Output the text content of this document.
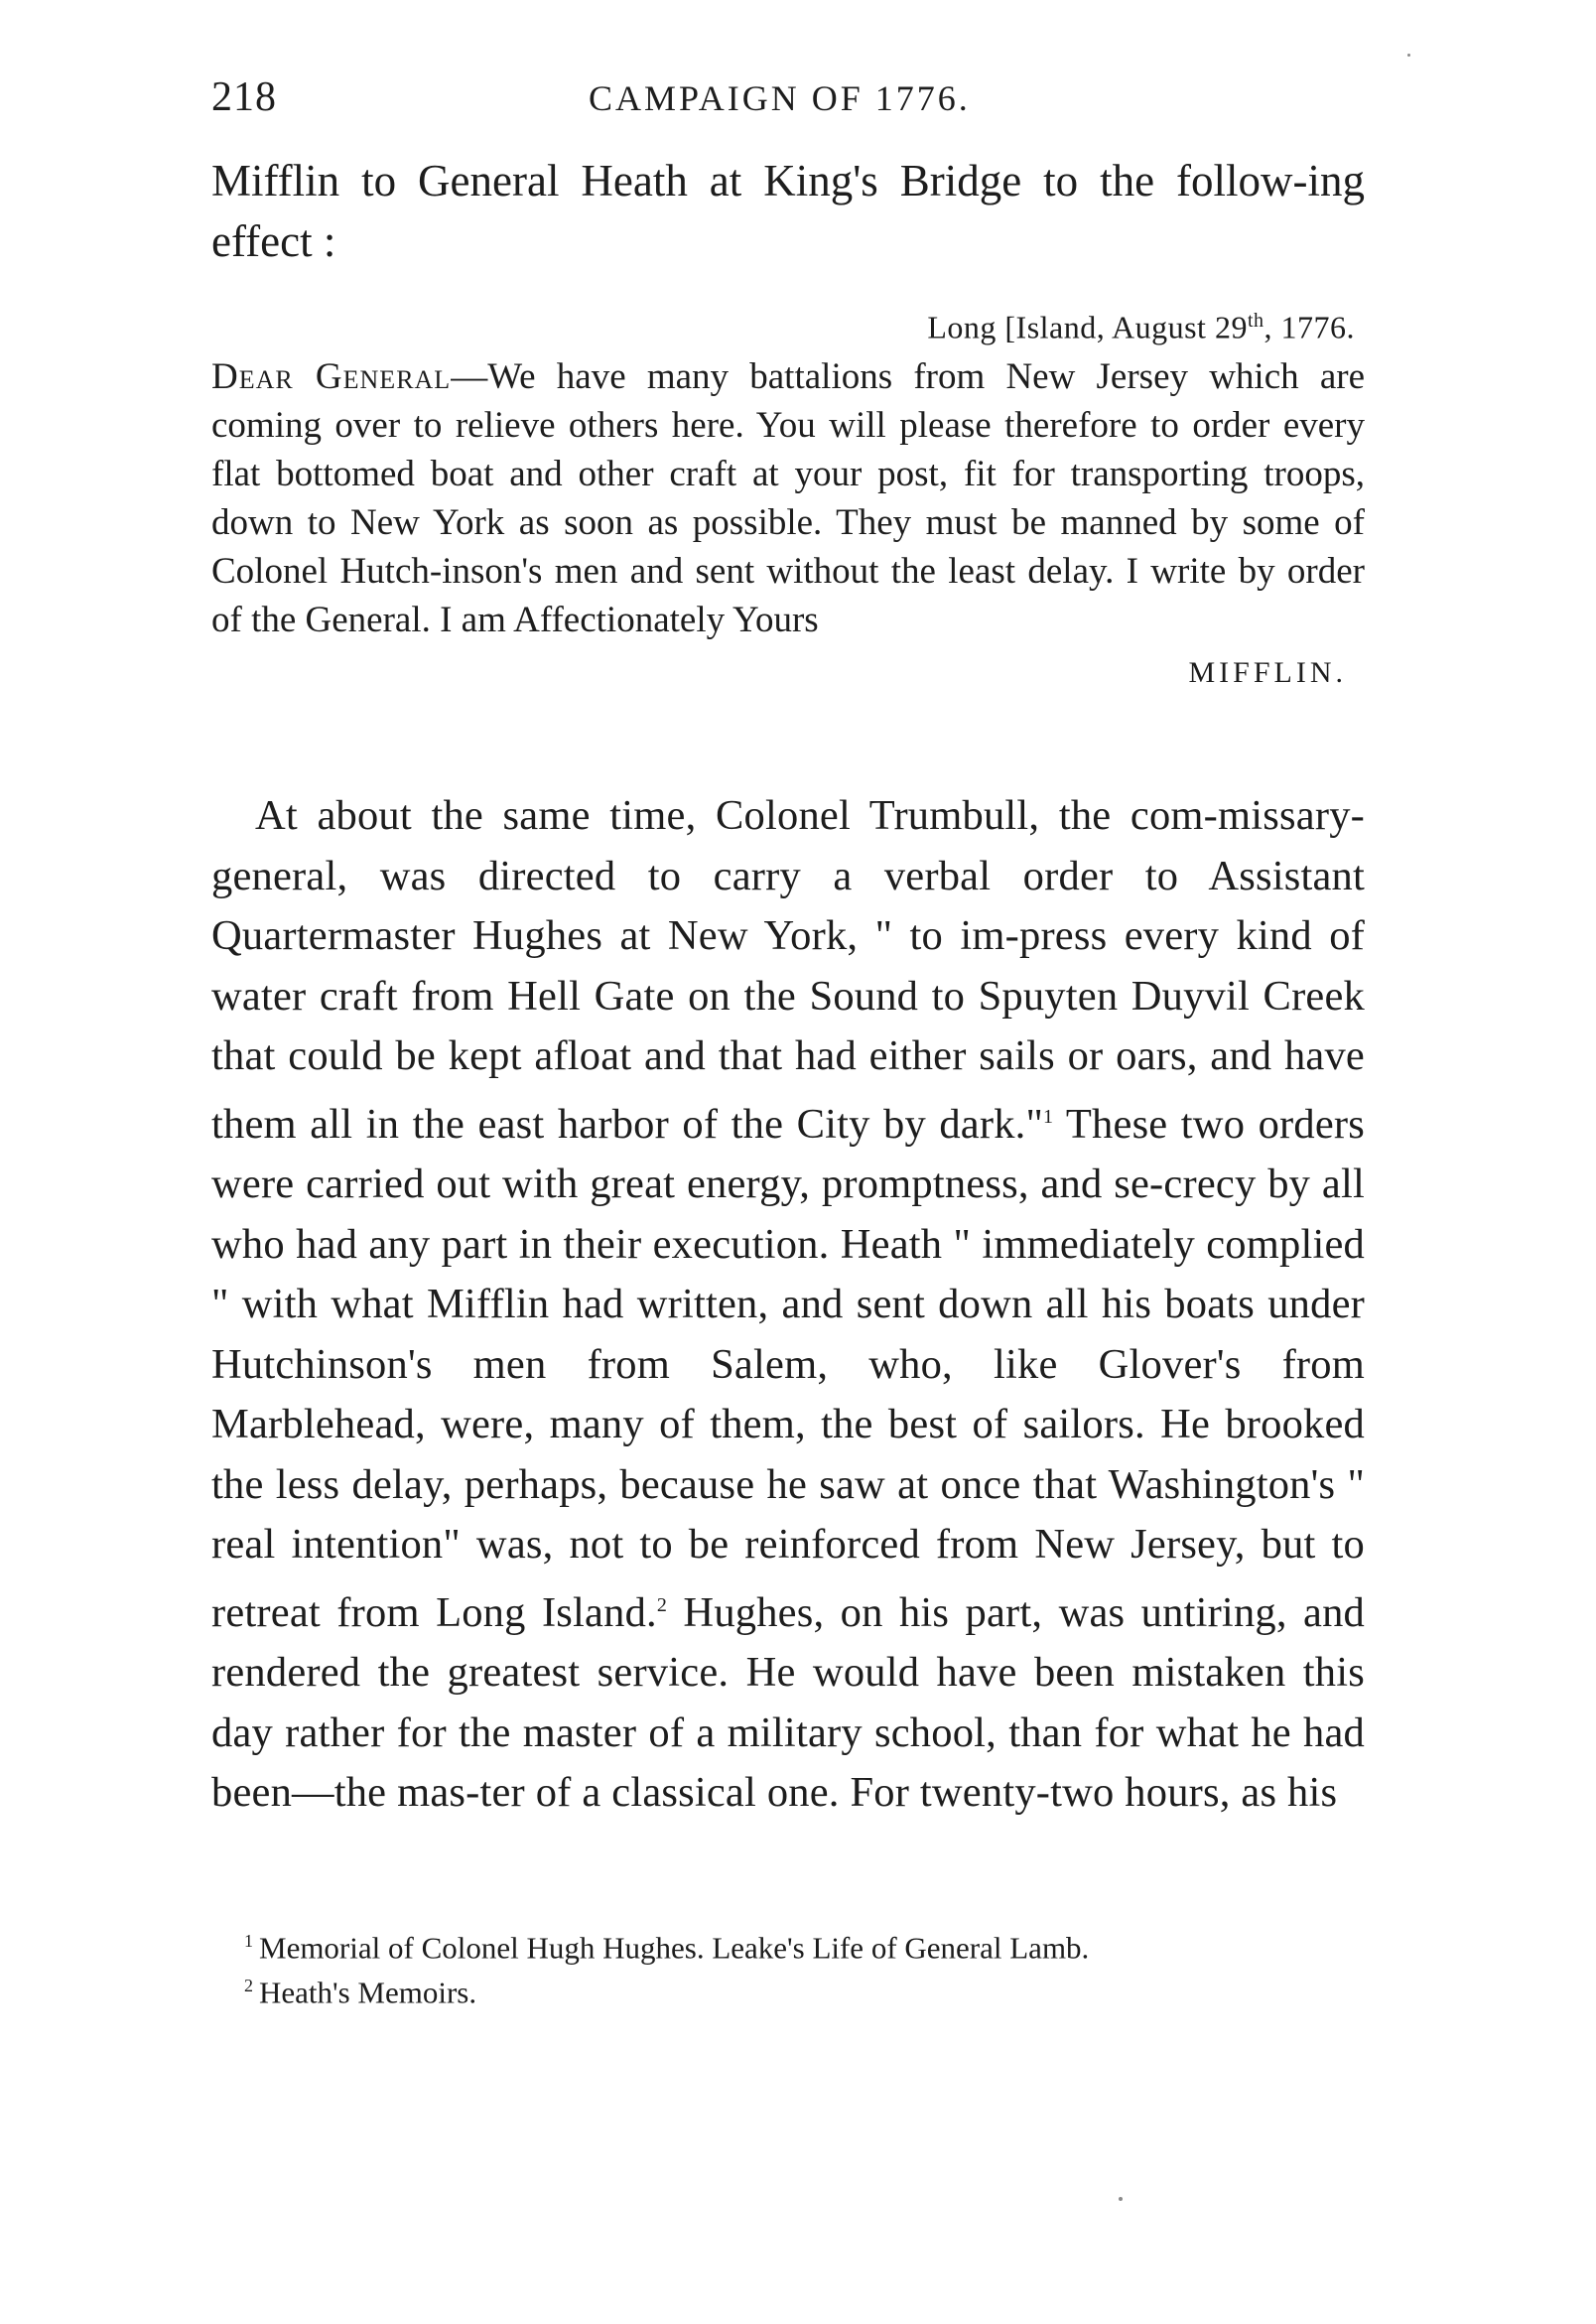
218	CAMPAIGN OF 1776.
Mifflin to General Heath at King's Bridge to the follow-ing effect :
Long [Island, August 29th, 1776.
Dear General—We have many battalions from New Jersey which are coming over to relieve others here. You will please therefore to order every flat bottomed boat and other craft at your post, fit for transporting troops, down to New York as soon as possible. They must be manned by some of Colonel Hutch-inson's men and sent without the least delay. I write by order of the General. I am Affectionately Yours
MIFFLIN.

At about the same time, Colonel Trumbull, the com-missary-general, was directed to carry a verbal order to Assistant Quartermaster Hughes at New York, " to im-press every kind of water craft from Hell Gate on the Sound to Spuyten Duyvil Creek that could be kept afloat and that had either sails or oars, and have them all in the east harbor of the City by dark."$^1$ These two orders were carried out with great energy, promptness, and se-crecy by all who had any part in their execution. Heath " immediately complied " with what Mifflin had written, and sent down all his boats under Hutchinson's men from Salem, who, like Glover's from Marblehead, were, many of them, the best of sailors. He brooked the less delay, perhaps, because he saw at once that Washington's " real intention" was, not to be reinforced from New Jersey, but to retreat from Long Island.$^2$ Hughes, on his part, was untiring, and rendered the greatest service. He would have been mistaken this day rather for the master of a military school, than for what he had been—the mas-ter of a classical one. For twenty-two hours, as his

$^1$ Memorial of Colonel Hugh Hughes. Leake's Life of General Lamb.
$^2$ Heath's Memoirs.
